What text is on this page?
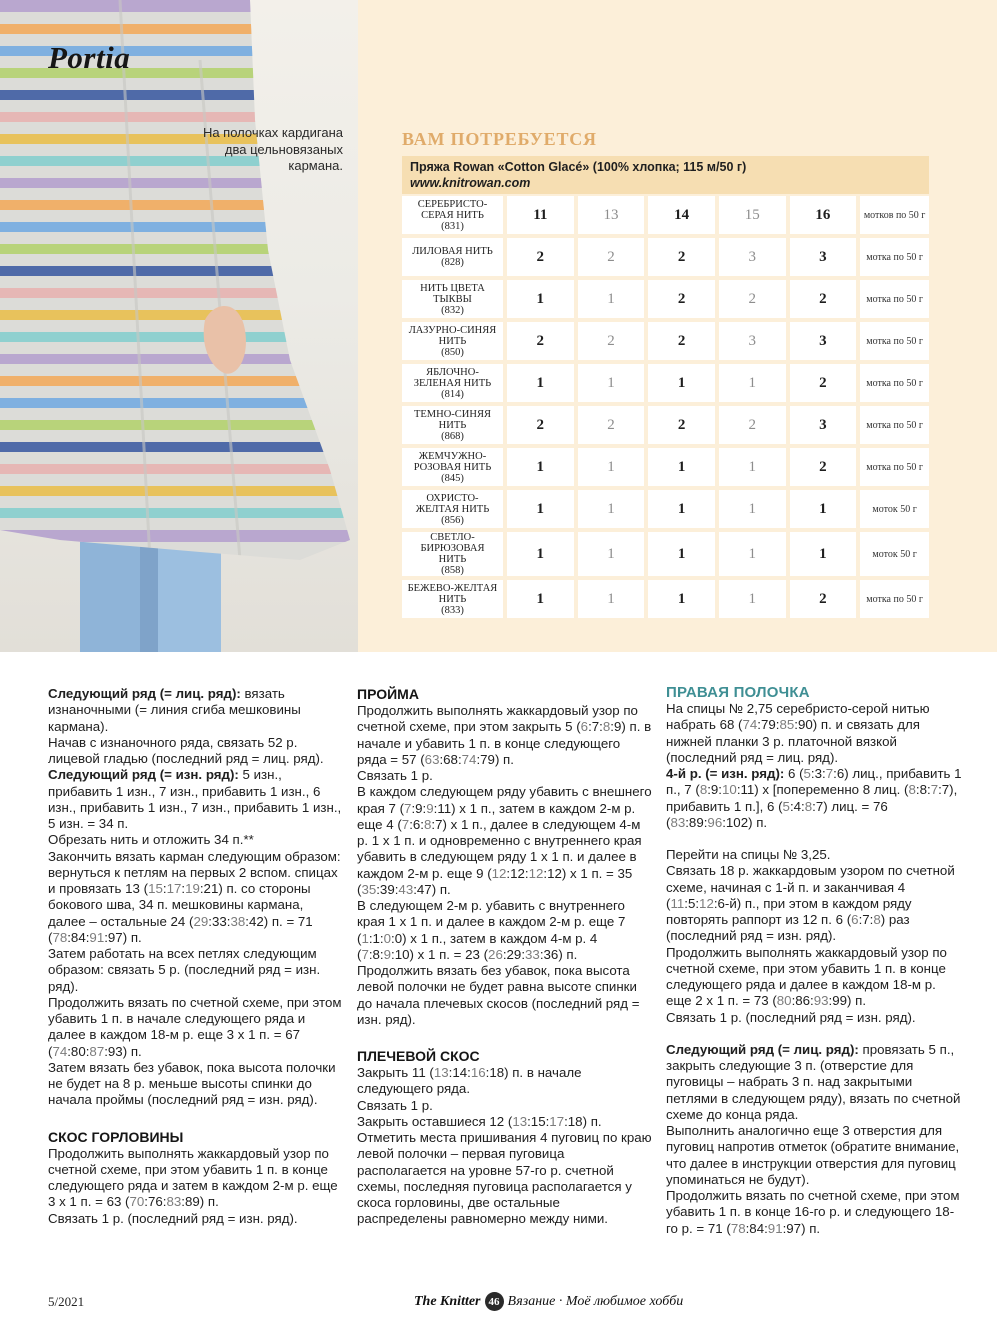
Portia
На полочках кардигана два цельновязаных кармана.
ВАМ ПОТРЕБУЕТСЯ
Пряжа Rowan «Cotton Glacé» (100% хлопка; 115 м/50 г)
www.knitrowan.com
СЕРЕБРИСТО-СЕРАЯ НИТЬ
(831)	11	13	14	15	16	мотков по 50 г

ЛИЛОВАЯ НИТЬ
(828)	2	2	2	3	3	мотка по 50 г

НИТЬ ЦВЕТА ТЫКВЫ
(832)	1	1	2	2	2	мотка по 50 г

ЛАЗУРНО-СИНЯЯ НИТЬ
(850)	2	2	2	3	3	мотка по 50 г

ЯБЛОЧНО-ЗЕЛЕНАЯ НИТЬ
(814)	1	1	1	1	2	мотка по 50 г

ТЕМНО-СИНЯЯ НИТЬ
(868)	2	2	2	2	3	мотка по 50 г

ЖЕМЧУЖНО-РОЗОВАЯ НИТЬ
(845)	1	1	1	1	2	мотка по 50 г

ОХРИСТО-ЖЕЛТАЯ НИТЬ
(856)	1	1	1	1	1	моток 50 г

СВЕТЛО-БИРЮЗОВАЯ НИТЬ
(858)	1	1	1	1	1	моток 50 г

БЕЖЕВО-ЖЕЛТАЯ НИТЬ
(833)	1	1	1	1	2	мотка по 50 г

Следующий ряд (= лиц. ряд): вязать изнаночными (= линия сгиба мешковины кармана).

Начав с изнаночного ряда, связать 52 р. лицевой гладью (последний ряд = лиц. ряд).

Следующий ряд (= изн. ряд): 5 изн., прибавить 1 изн., 7 изн., прибавить 1 изн., 6 изн., прибавить 1 изн., 7 изн., прибавить 1 изн., 5 изн. = 34 п.

Обрезать нить и отложить 34 п.**

Закончить вязать карман следующим образом: вернуться к петлям на первых 2 вспом. спицах и провязать 13 (15:17:19:21) п. со стороны бокового шва, 34 п. мешковины кармана, далее – остальные 24 (29:33:38:42) п. = 71 (78:84:91:97) п.

Затем работать на всех петлях следующим образом: связать 5 р. (последний ряд = изн. ряд).

Продолжить вязать по счетной схеме, при этом убавить 1 п. в начале следующего ряда и далее в каждом 18-м р. еще 3 х 1 п. = 67 (74:80:87:93) п.

Затем вязать без убавок, пока высота полочки не будет на 8 р. меньше высоты спинки до начала проймы (последний ряд = изн. ряд).

СКОС ГОРЛОВИНЫ

Продолжить выполнять жаккардовый узор по счетной схеме, при этом убавить 1 п. в конце следующего ряда и затем в каждом 2-м р. еще 3 х 1 п. = 63 (70:76:83:89) п.

Связать 1 р. (последний ряд = изн. ряд).

ПРОЙМА

Продолжить выполнять жаккардовый узор по счетной схеме, при этом закрыть 5 (6:7:8:9) п. в начале и убавить 1 п. в конце следующего ряда = 57 (63:68:74:79) п.

Связать 1 р.

В каждом следующем ряду убавить с внешнего края 7 (7:9:9:11) х 1 п., затем в каждом 2-м р. еще 4 (7:6:8:7) х 1 п., далее в следующем 4-м р. 1 х 1 п. и одновременно с внутреннего края убавить в следующем ряду 1 х 1 п. и далее в каждом 2-м р. еще 9 (12:12:12:12) х 1 п. = 35 (35:39:43:47) п.

В следующем 2-м р. убавить с внутреннего края 1 х 1 п. и далее в каждом 2-м р. еще 7 (1:1:0:0) х 1 п., затем в каждом 4-м р. 4 (7:8:9:10) х 1 п. = 23 (26:29:33:36) п.

Продолжить вязать без убавок, пока высота левой полочки не будет равна высоте спинки до начала плечевых скосов (последний ряд = изн. ряд).

ПЛЕЧЕВОЙ СКОС

Закрыть 11 (13:14:16:18) п. в начале следующего ряда.

Связать 1 р.

Закрыть оставшиеся 12 (13:15:17:18) п.

Отметить места пришивания 4 пуговиц по краю левой полочки – первая пуговица располагается на уровне 57-го р. счетной схемы, последняя пуговица располагается у скоса горловины, две остальные распределены равномерно между ними.

ПРАВАЯ ПОЛОЧКА

На спицы № 2,75 серебристо-серой нитью набрать 68 (74:79:85:90) п. и связать для нижней планки 3 р. платочной вязкой (последний ряд = лиц. ряд).

4-й р. (= изн. ряд): 6 (5:3:7:6) лиц., прибавить 1 п., 7 (8:9:10:11) х [попеременно 8 лиц. (8:8:7:7), прибавить 1 п.], 6 (5:4:8:7) лиц. = 76 (83:89:96:102) п.

Перейти на спицы № 3,25.

Связать 18 р. жаккардовым узором по счетной схеме, начиная с 1-й п. и заканчивая 4 (11:5:12:6-й) п., при этом в каждом ряду повторять раппорт из 12 п. 6 (6:7:8) раз (последний ряд = изн. ряд).

Продолжить выполнять жаккардовый узор по счетной схеме, при этом убавить 1 п. в конце следующего ряда и далее в каждом 18-м р. еще 2 х 1 п. = 73 (80:86:93:99) п.

Связать 1 р. (последний ряд = изн. ряд).

Следующий ряд (= лиц. ряд): провязать 5 п., закрыть следующие 3 п. (отверстие для пуговицы – набрать 3 п. над закрытыми петлями в следующем ряду), вязать по счетной схеме до конца ряда.

Выполнить аналогично еще 3 отверстия для пуговиц напротив отметок (обратите внимание, что далее в инструкции отверстия для пуговиц упоминаться не будут).

Продолжить вязать по счетной схеме, при этом убавить 1 п. в конце 16-го р. и следующего 18-го р. = 71 (78:84:91:97) п.

5/2021	The Knitter 46 Вязание · Моё любимое хобби
